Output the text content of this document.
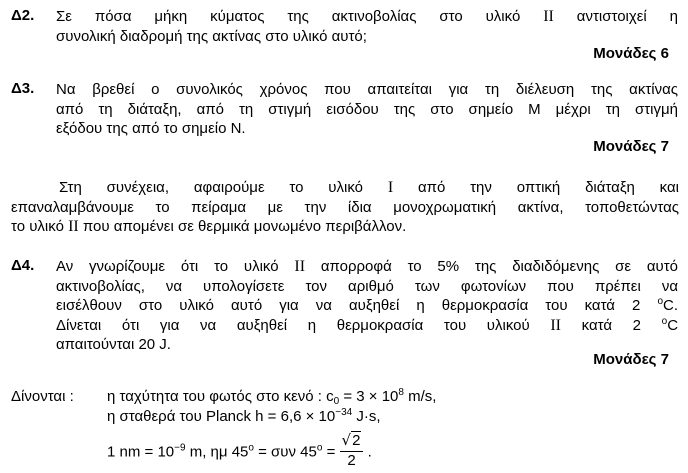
Δ2. Σε πόσα μήκη κύματος της ακτινοβολίας στο υλικό ΙΙ αντιστοιχεί η
συνολική διαδρομή της ακτίνας στο υλικό αυτό;
Μονάδες 6
Δ3. Να βρεθεί ο συνολικός χρόνος που απαιτείται για τη διέλευση της ακτίνας
από τη διάταξη, από τη στιγμή εισόδου της στο σημείο Μ μέχρι τη στιγμή
εξόδου της από το σημείο Ν.
Μονάδες 7
Στη συνέχεια, αφαιρούμε το υλικό Ι από την οπτική διάταξη και
επαναλαμβάνουμε το πείραμα με την ίδια μονοχρωματική ακτίνα, τοποθετώντας
το υλικό ΙΙ που απομένει σε θερμικά μονωμένο περιβάλλον.
Δ4. Αν γνωρίζουμε ότι το υλικό ΙΙ απορροφά το 5% της διαδιδόμενης σε αυτό
ακτινοβολίας, να υπολογίσετε τον αριθμό των φωτονίων που πρέπει να
εισέλθουν στο υλικό αυτό για να αυξηθεί η θερμοκρασία του κατά 2 $^o$C.
Δίνεται ότι για να αυξηθεί η θερμοκρασία του υλικού ΙΙ κατά 2 $^o$C
απαιτούνται 20 J.
Μονάδες 7
Δίνονται : η ταχύτητα του φωτός στο κενό : $c_0 = 3 \times 10^8$ m/s,
η σταθερά του Planck $h = 6,6 \times 10^{-34}$ J·s,
1 nm = $10^{-9}$ m, ημ $45^o = \sigma\upsilon\nu$ $45^o = \frac{√2}{2}$ .
